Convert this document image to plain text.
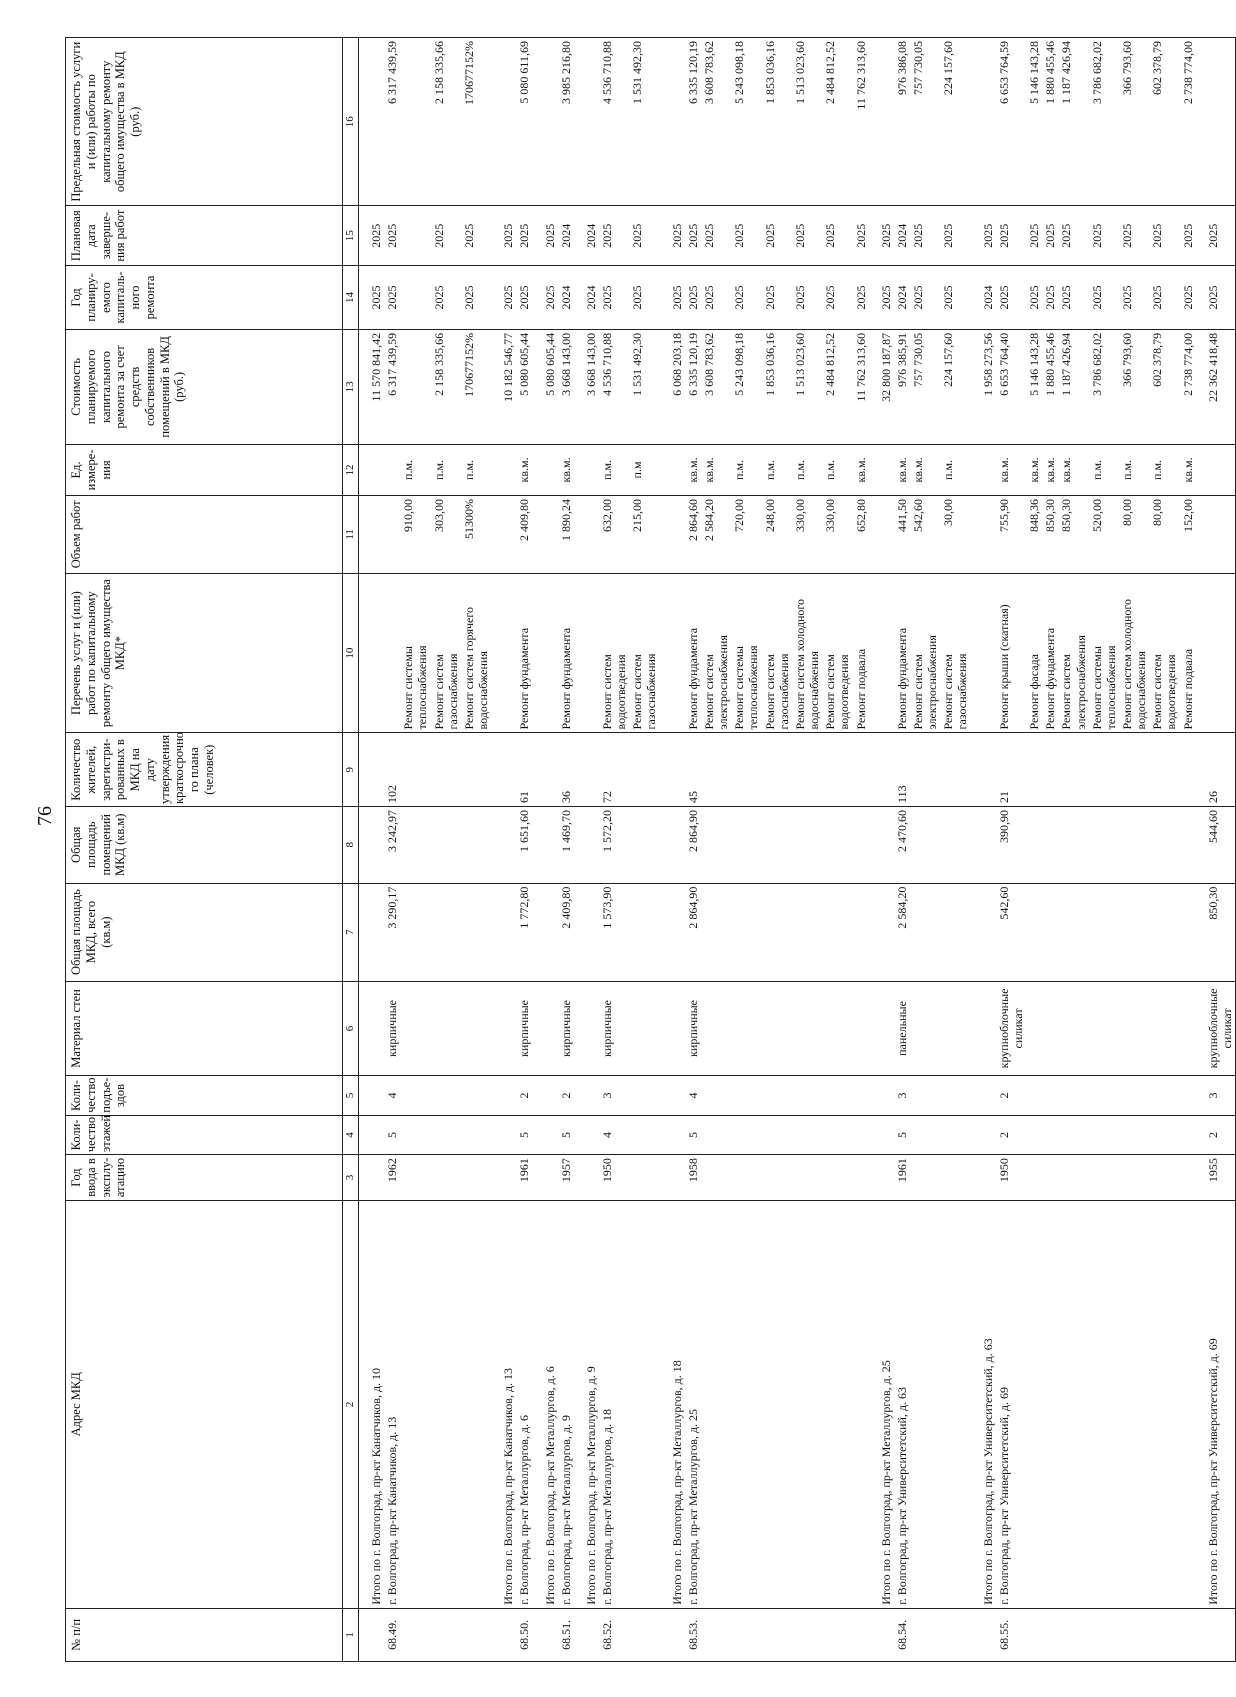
76
№ п/п	Адрес МКД	Год ввода в эксплу-атацию	Коли-чество этажей	Коли-чество подъе-здов	Материал стен	Общая площадь МКД, всего (кв.м)	Общая площадь помещений МКД (кв.м)	Количество жителей, зарегистри-рованных в МКД на дату утверждения краткосрочно го плана (человек)	Перечень услуг и (или) работ по капитальному ремонту общего имущества МКД*	Объем работ	Ед. измере-ния	Стоимость планируемого капитального ремонта за счет средств собственников помещений в МКД (руб.)	Год планиру-емого капиталь-ного ремонта	Плановая дата заверше-ния работ	Предельная стоимость услуги и (или) работы по капитальному ремонту общего имущества в МКД (руб.)
1	2	3	4	5	6	7	8	9	10	11	12	13	14	15	16
	Итого по г. Волгоград, пр-кт Канатчиков, д. 10											11 570 841,42	2025	2025	
68.49.	г. Волгоград, пр-кт Канатчиков, д. 13	1962	5	4	кирпичные	3 290,17	3 242,97	102				6 317 439,59	2025	2025	6 317 439,59
									Ремонт системы теплоснабжения	910,00	п.м.				
									Ремонт систем газоснабжения	303,00	п.м.	2 158 335,66	2025	2025	2 158 335,66
									Ремонт систем горячего водоснабжения	51300%	п.м.	170677152%	2025	2025	170677152%
	Итого по г. Волгоград, пр-кт Канатчиков, д. 13											10 182 546,77	2025	2025	
68.50.	г. Волгоград, пр-кт Металлургов, д. 6	1961	5	2	кирпичные	1 772,80	1 651,60	61	Ремонт фундамента	2 409,80	кв.м.	5 080 605,44	2025	2025	5 080 611,69
	Итого по г. Волгоград, пр-кт Металлургов, д. 6											5 080 605,44	2025	2025	
68.51.	г. Волгоград, пр-кт Металлургов, д. 9	1957	5	2	кирпичные	2 409,80	1 469,70	36	Ремонт фундамента	1 890,24	кв.м.	3 668 143,00	2024	2024	3 985 216,80
	Итого по г. Волгоград, пр-кт Металлургов, д. 9											3 668 143,00	2024	2024	
68.52.	г. Волгоград, пр-кт Металлургов, д. 18	1950	4	3	кирпичные	1 573,90	1 572,20	72	Ремонт систем водоотведения	632,00	п.м.	4 536 710,88	2025	2025	4 536 710,88
									Ремонт систем газоснабжения	215,00	п.м	1 531 492,30	2025	2025	1 531 492,30
	Итого по г. Волгоград, пр-кт Металлургов, д. 18											6 068 203,18	2025	2025	
68.53.	г. Волгоград, пр-кт Металлургов, д. 25	1958	5	4	кирпичные	2 864,90	2 864,90	45	Ремонт фундамента	2 864,60	кв.м.	6 335 120,19	2025	2025	6 335 120,19
									Ремонт систем электроснабжения	2 584,20	кв.м.	3 608 783,62	2025	2025	3 608 783,62
									Ремонт системы теплоснабжения	720,00	п.м.	5 243 098,18	2025	2025	5 243 098,18
									Ремонт систем газоснабжения	248,00	п.м.	1 853 036,16	2025	2025	1 853 036,16
									Ремонт систем холодного водоснабжения	330,00	п.м.	1 513 023,60	2025	2025	1 513 023,60
									Ремонт систем водоотведения	330,00	п.м.	2 484 812,52	2025	2025	2 484 812,52
									Ремонт подвала	652,80	кв.м.	11 762 313,60	2025	2025	11 762 313,60
	Итого по г. Волгоград, пр-кт Металлургов, д. 25											32 800 187,87	2025	2025	
68.54.	г. Волгоград, пр-кт Университетский, д. 63	1961	5	3	панельные	2 584,20	2 470,60	113	Ремонт фундамента	441,50	кв.м.	976 385,91	2024	2024	976 386,08
									Ремонт систем электроснабжения	542,60	кв.м.	757 730,05	2025	2025	757 730,05
									Ремонт систем газоснабжения	30,00	п.м.	224 157,60	2025	2025	224 157,60
	Итого по г. Волгоград, пр-кт Университетский, д. 63											1 958 273,56	2024	2025	
68.55.	г. Волгоград, пр-кт Университетский, д. 69	1950	2	2	крупноблочные силикат	542,60	390,90	21	Ремонт крыши (скатная)	755,90	кв.м.	6 653 764,40	2025	2025	6 653 764,59
									Ремонт фасада	848,36	кв.м.	5 146 143,28	2025	2025	5 146 143,28
									Ремонт фундамента	850,30	кв.м.	1 880 455,46	2025	2025	1 880 455,46
									Ремонт систем электроснабжения	850,30	кв.м.	1 187 426,94	2025	2025	1 187 426,94
									Ремонт системы теплоснабжения	520,00	п.м.	3 786 682,02	2025	2025	3 786 682,02
									Ремонт систем холодного водоснабжения	80,00	п.м.	366 793,60	2025	2025	366 793,60
									Ремонт систем водоотведения	80,00	п.м.	602 378,79	2025	2025	602 378,79
									Ремонт подвала	152,00	кв.м.	2 738 774,00	2025	2025	2 738 774,00
	Итого по г. Волгоград, пр-кт Университетский, д. 69	1955	2	3	крупноблочные силикат	850,30	544,60	26				22 362 418,48	2025	2025	
